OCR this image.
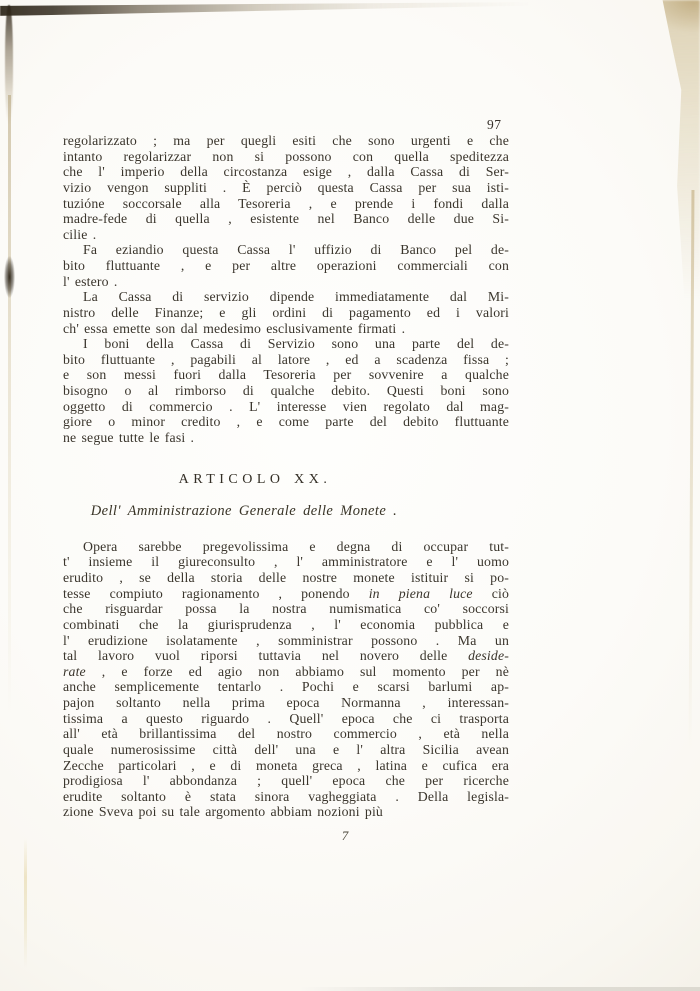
97
regolarizzato ; ma per quegli esiti che sono urgenti e che
intanto regolarizzar non si possono con quella speditezza
che l' imperio della circostanza esige , dalla Cassa di Ser-
vizio vengon suppliti . È perciò questa Cassa per sua isti-
tuzióne soccorsale alla Tesoreria , e prende i fondi dalla
madre-fede di quella , esistente nel Banco delle due Si-
cilie .
Fa eziandio questa Cassa l' uffizio di Banco pel de-
bito fluttuante , e per altre operazioni commerciali con
l' estero .
La Cassa di servizio dipende immediatamente dal Mi-
nistro delle Finanze; e gli ordini di pagamento ed i valori
ch' essa emette son dal medesimo esclusivamente firmati .
I boni della Cassa di Servizio sono una parte del de-
bito fluttuante , pagabili al latore , ed a scadenza fissa ;
e son messi fuori dalla Tesoreria per sovvenire a qualche
bisogno o al rimborso di qualche debito. Questi boni sono
oggetto di commercio . L' interesse vien regolato dal mag-
giore o minor credito , e come parte del debito fluttuante
ne segue tutte le fasi .
ARTICOLO XX.
Dell' Amministrazione Generale delle Monete .
Opera sarebbe pregevolissima e degna di occupar tut-
t' insieme il giureconsulto , l' amministratore e l' uomo
erudito , se della storia delle nostre monete istituir si po-
tesse compiuto ragionamento , ponendo in piena luce ciò
che risguardar possa la nostra numismatica co' soccorsi
combinati che la giurisprudenza , l' economia pubblica e
l' erudizione isolatamente , somministrar possono . Ma un
tal lavoro vuol riporsi tuttavia nel novero delle deside-
rate , e forze ed agio non abbiamo sul momento per nè
anche semplicemente tentarlo . Pochi e scarsi barlumi ap-
pajon soltanto nella prima epoca Normanna , interessan-
tissima a questo riguardo . Quell' epoca che ci trasporta
all' età brillantissima del nostro commercio , età nella
quale numerosissime città dell' una e l' altra Sicilia avean
Zecche particolari , e di moneta greca , latina e cufica era
prodigiosa l' abbondanza ; quell' epoca che per ricerche
erudite soltanto è stata sinora vagheggiata . Della legisla-
zione Sveva poi su tale argomento abbiam nozioni più
7
